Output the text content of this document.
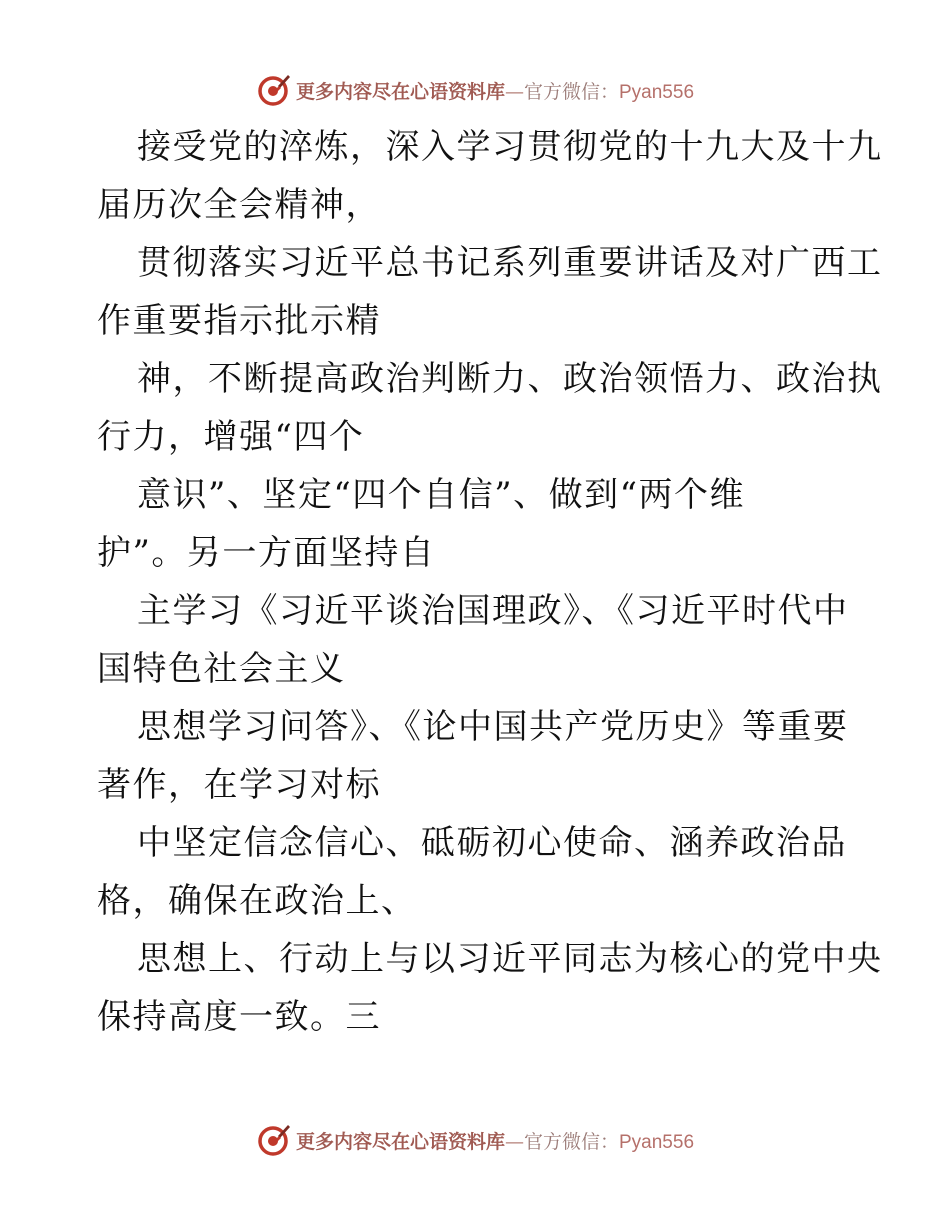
更多内容尽在心语资料库—官方微信：Pyan556

接受党的淬炼，深入学习贯彻党的十九大及十九
届历次全会精神，

贯彻落实习近平总书记系列重要讲话及对广西工
作重要指示批示精

神，不断提高政治判断力、政治领悟力、政治执
行力，增强“四个

意识”、坚定“四个自信”、做到“两个维
护”。另一方面坚持自

主学习《习近平谈治国理政》、《习近平时代中
国特色社会主义

思想学习问答》、《论中国共产党历史》等重要
著作，在学习对标

中坚定信念信心、砥砺初心使命、涵养政治品
格，确保在政治上、

思想上、行动上与以习近平同志为核心的党中央
保持高度一致。三

更多内容尽在心语资料库—官方微信：Pyan556
